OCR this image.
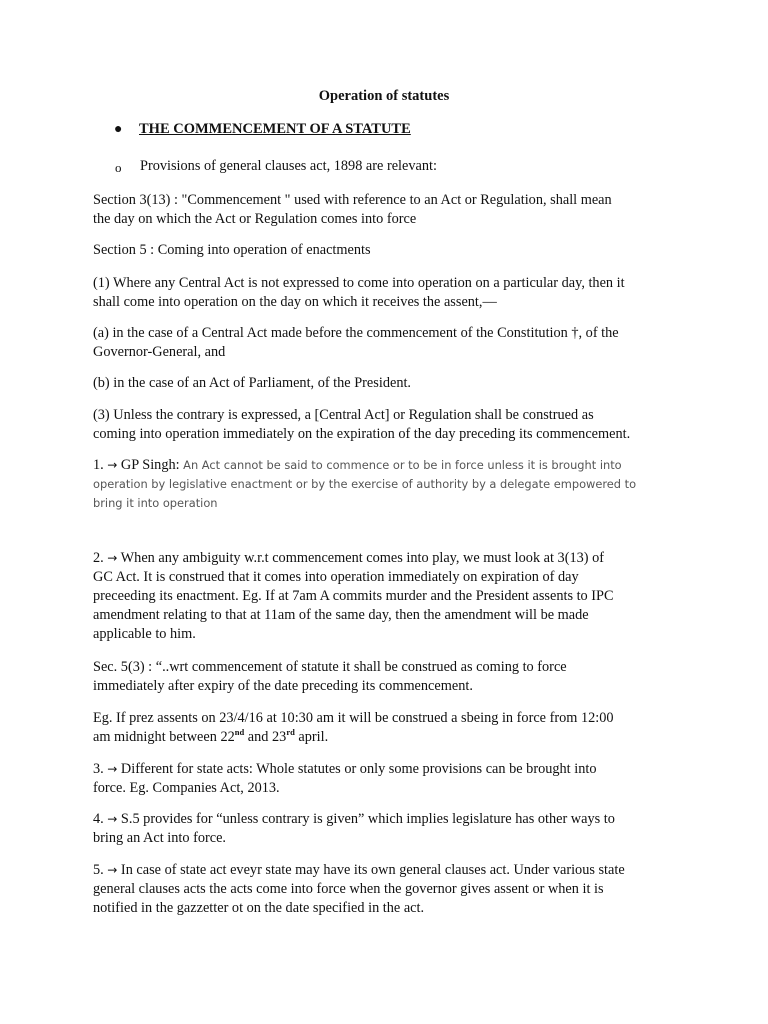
Operation of statutes
● THE COMMENCEMENT OF A STATUTE
o Provisions of general clauses act, 1898 are relevant:

Section 3(13) : "Commencement " used with reference to an Act or Regulation, shall mean
the day on which the Act or Regulation comes into force

Section 5 : Coming into operation of enactments

(1) Where any Central Act is not expressed to come into operation on a particular day, then it
shall come into operation on the day on which it receives the assent,—

(a) in the case of a Central Act made before the commencement of the Constitution †, of the
Governor-General, and

(b) in the case of an Act of Parliament, of the President.

(3) Unless the contrary is expressed, a [Central Act] or Regulation shall be construed as
coming into operation immediately on the expiration of the day preceding its commencement.

1. → GP Singh: An Act cannot be said to commence or to be in force unless it is brought into
operation by legislative enactment or by the exercise of authority by a delegate empowered to
bring it into operation

2. → When any ambiguity w.r.t commencement comes into play, we must look at 3(13) of
GC Act. It is construed that it comes into operation immediately on expiration of day
preceeding its enactment. Eg. If at 7am A commits murder and the President assents to IPC
amendment relating to that at 11am of the same day, then the amendment will be made
applicable to him.

Sec. 5(3) : “..wrt commencement of statute it shall be construed as coming to force
immediately after expiry of the date preceding its commencement.

Eg. If prez assents on 23/4/16 at 10:30 am it will be construed a sbeing in force from 12:00
am midnight between 22nd and 23rd april.

3. → Different for state acts: Whole statutes or only some provisions can be brought into
force. Eg. Companies Act, 2013.

4. → S.5 provides for “unless contrary is given” which implies legislature has other ways to
bring an Act into force.

5. → In case of state act eveyr state may have its own general clauses act. Under various state
general clauses acts the acts come into force when the governor gives assent or when it is
notified in the gazzetter ot on the date specified in the act.
